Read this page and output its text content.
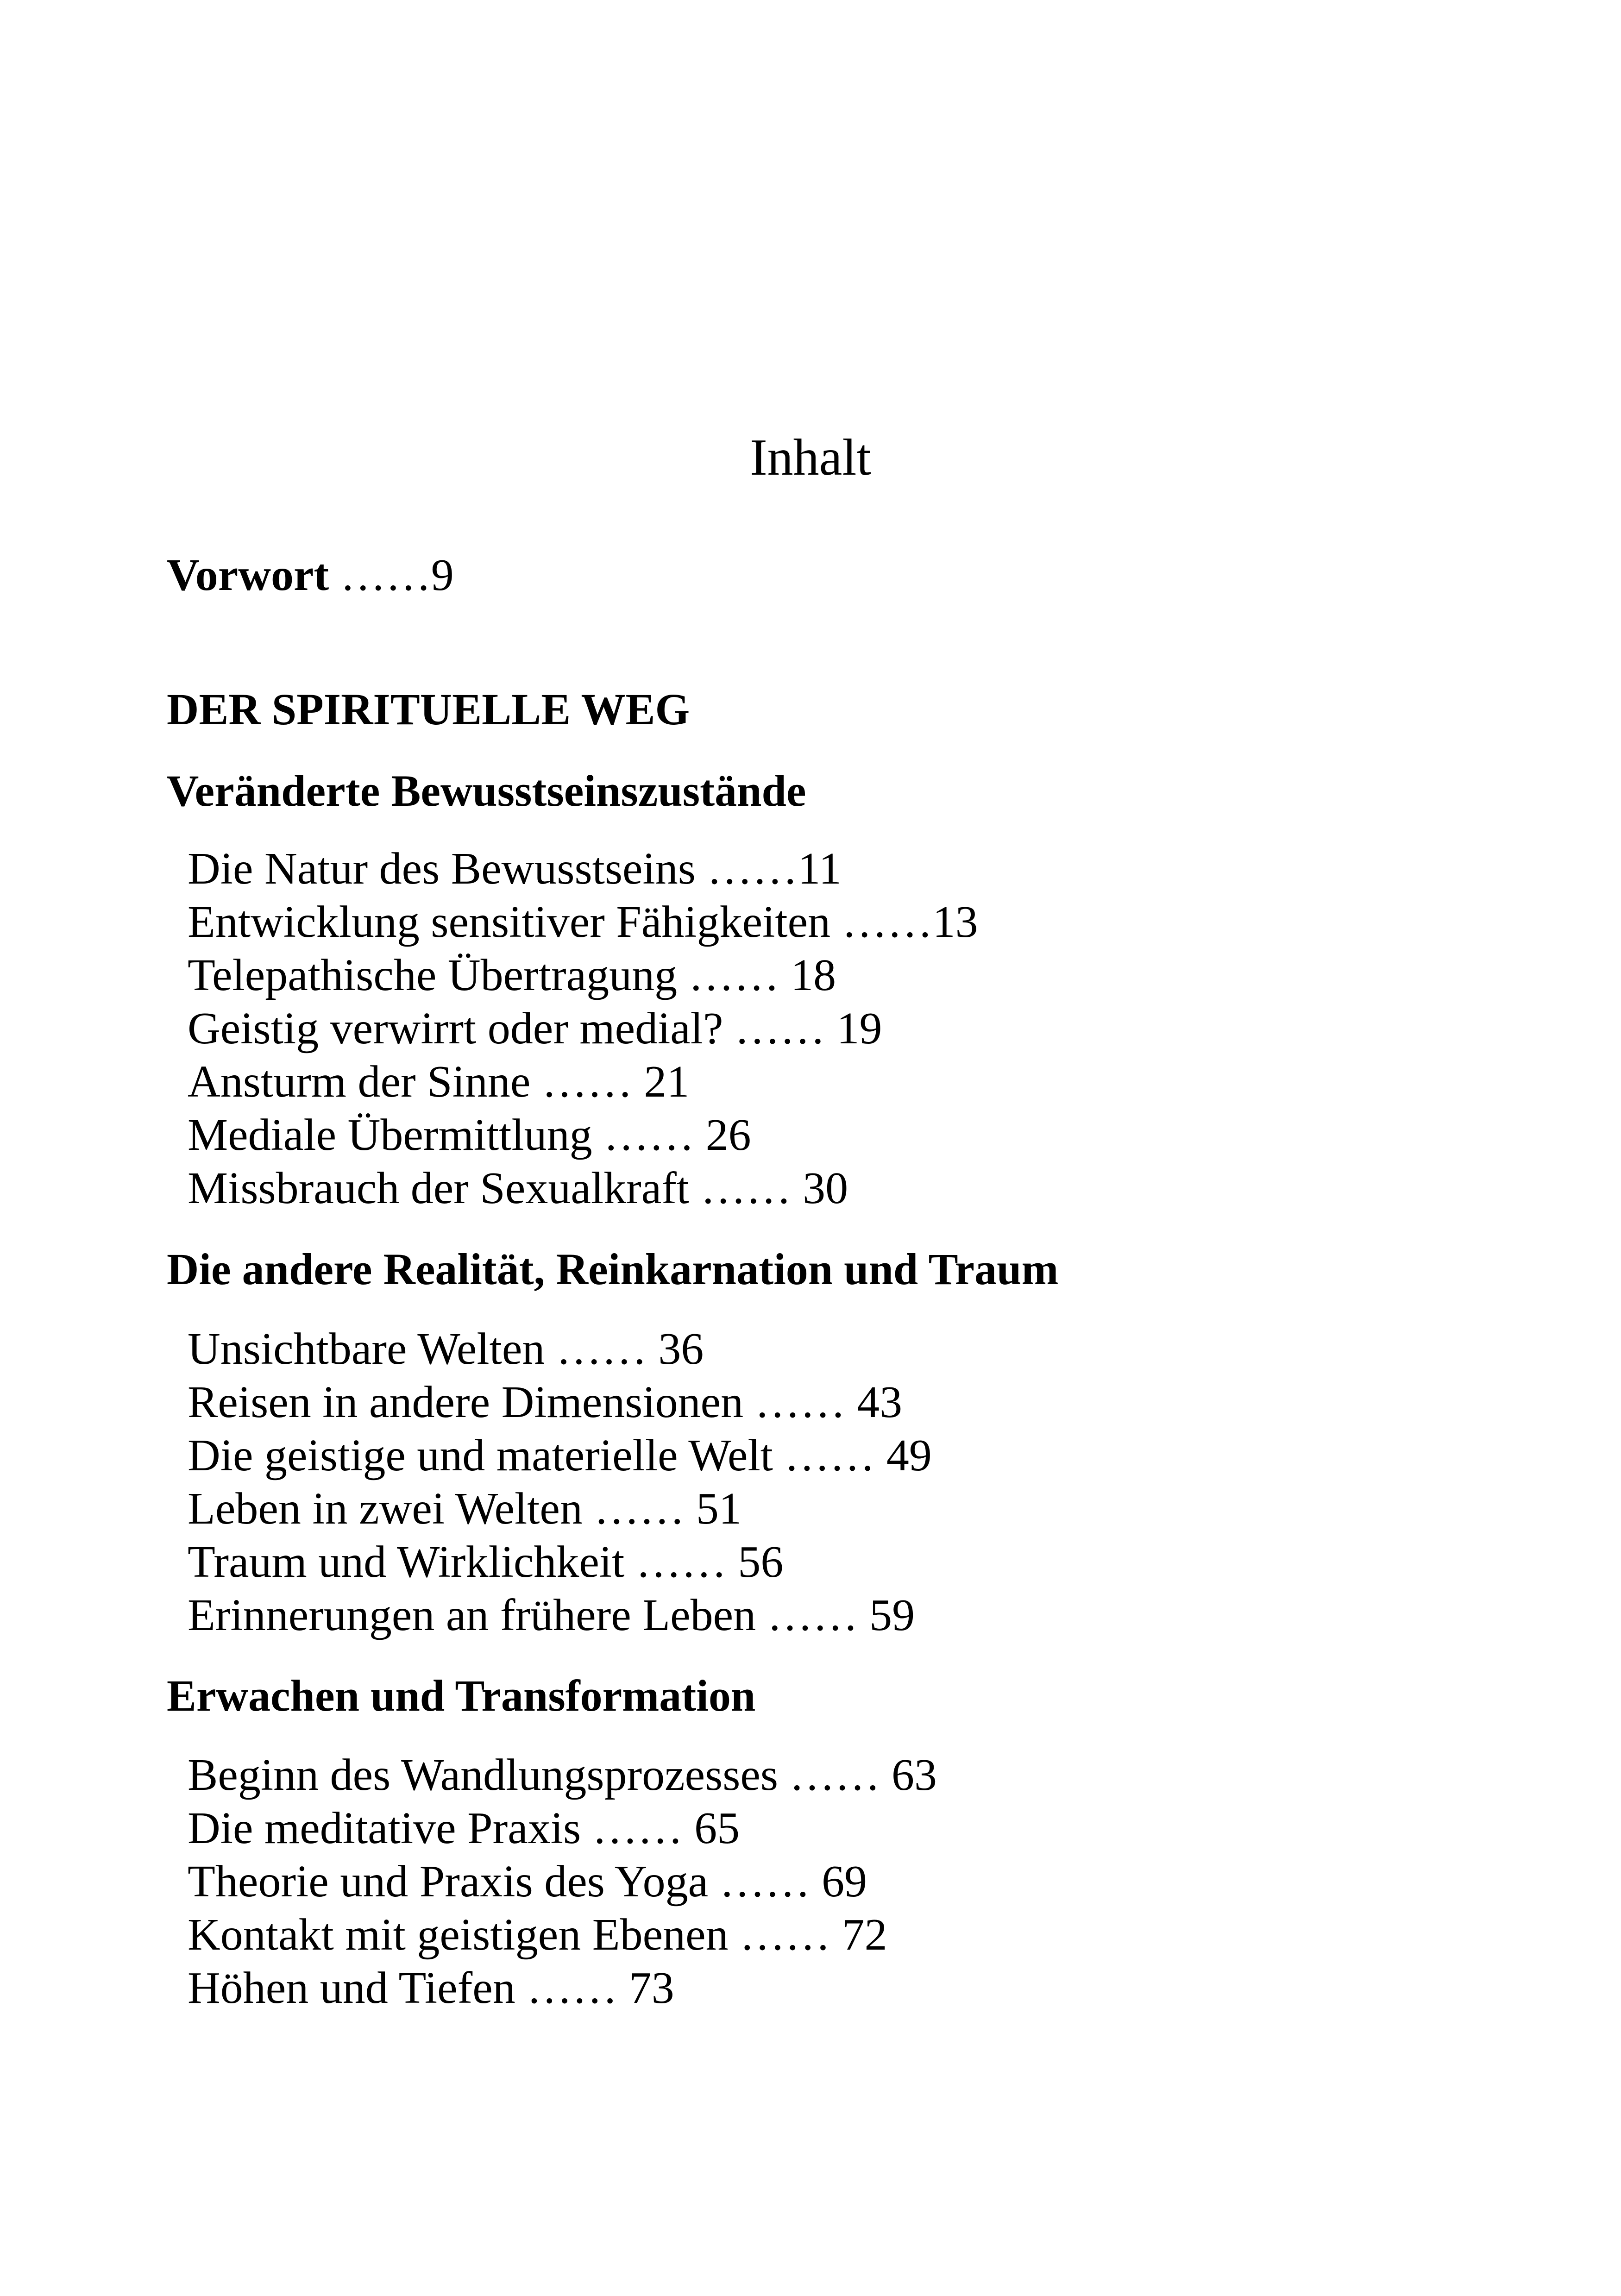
Inhalt
Vorwort ……9
DER SPIRITUELLE WEG
Veränderte Bewusstseinszustände
Die Natur des Bewusstseins ……11
Entwicklung sensitiver Fähigkeiten ……13
Telepathische Übertragung …… 18
Geistig verwirrt oder medial? …… 19
Ansturm der Sinne …… 21
Mediale Übermittlung …… 26
Missbrauch der Sexualkraft …… 30
Die andere Realität, Reinkarnation und Traum
Unsichtbare Welten …… 36
Reisen in andere Dimensionen …… 43
Die geistige und materielle Welt …… 49
Leben in zwei Welten …… 51
Traum und Wirklichkeit …… 56
Erinnerungen an frühere Leben …… 59
Erwachen und Transformation
Beginn des Wandlungsprozesses …… 63
Die meditative Praxis …… 65
Theorie und Praxis des Yoga …… 69
Kontakt mit geistigen Ebenen …… 72
Höhen und Tiefen …… 73
